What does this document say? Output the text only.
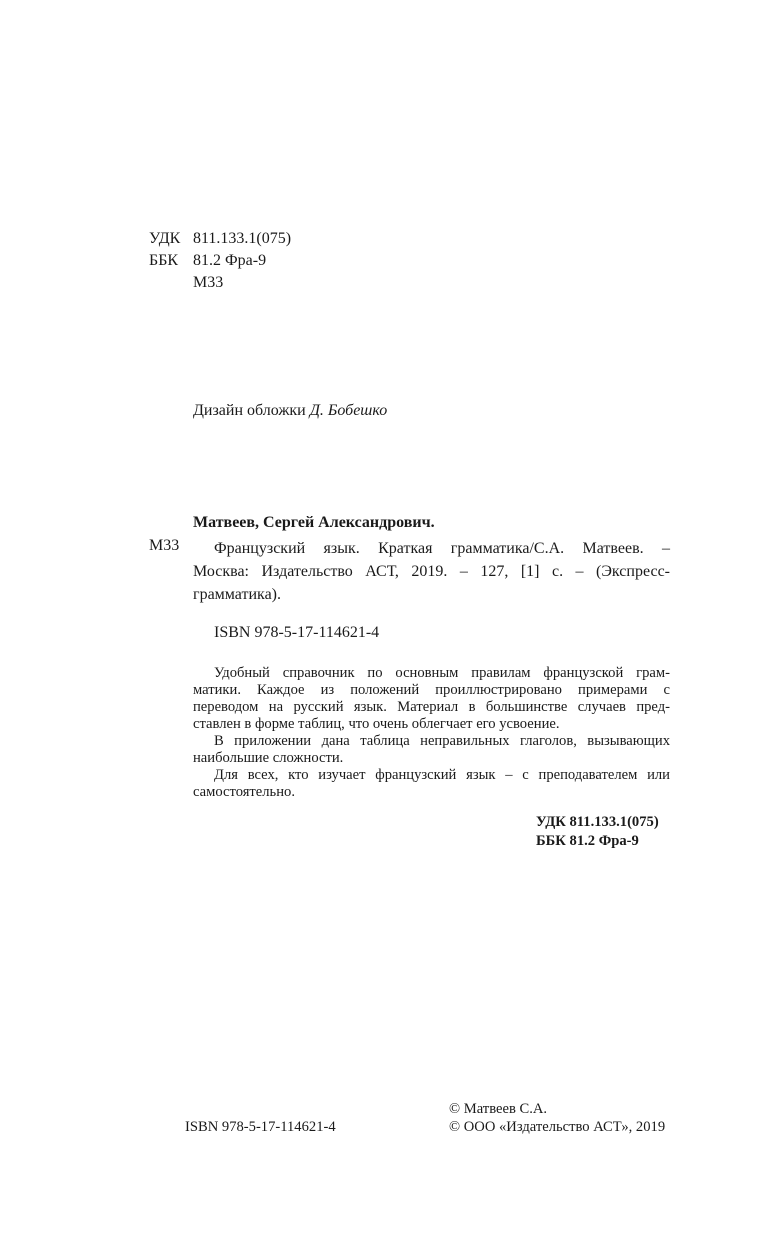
УДК 811.133.1(075)
ББК 81.2 Фра-9
М33
Дизайн обложки Д. Бобешко
Матвеев, Сергей Александрович.
М33	Французский язык. Краткая грамматика/С.А. Матвеев. –

Москва: Издательство АСТ, 2019. – 127, [1] с. – (Экспресс-

грамматика).

ISBN 978-5-17-114621-4
Удобный справочник по основным правилам французской грам-
матики. Каждое из положений проиллюстрировано примерами с
переводом на русский язык. Материал в большинстве случаев пред-
ставлен в форме таблиц, что очень облегчает его усвоение.
В приложении дана таблица неправильных глаголов, вызывающих
наибольшие сложности.
Для всех, кто изучает французский язык – с преподавателем или
самостоятельно.
УДК 811.133.1(075)
ББК 81.2 Фра-9
ISBN 978-5-17-114621-4
© Матвеев С.А.
© ООО «Издательство АСТ», 2019
